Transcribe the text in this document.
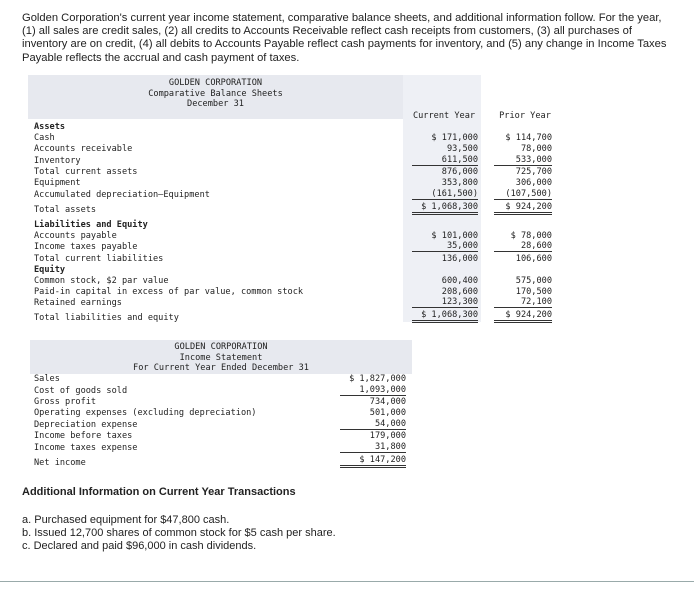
Golden Corporation's current year income statement, comparative balance sheets, and additional information follow. For the year, (1) all sales are credit sales, (2) all credits to Accounts Receivable reflect cash receipts from customers, (3) all purchases of inventory are on credit, (4) all debits to Accounts Payable reflect cash payments for inventory, and (5) any change in Income Taxes Payable reflects the accrual and cash payment of taxes.
GOLDEN CORPORATION
Comparative Balance Sheets
December 31
Current Year	Prior Year
Assets
Cash	$ 171,000	$ 114,700
Accounts receivable	93,500	78,000
Inventory	611,500	533,000
Total current assets	876,000	725,700
Equipment	353,800	306,000
Accumulated depreciation—Equipment	(161,500)	(107,500)
Total assets	$ 1,068,300	$ 924,200
Liabilities and Equity
Accounts payable	$ 101,000	$ 78,000
Income taxes payable	35,000	28,600
Total current liabilities	136,000	106,600
Equity
Common stock, $2 par value	600,400	575,000
Paid-in capital in excess of par value, common stock	208,600	170,500
Retained earnings	123,300	72,100
Total liabilities and equity	$ 1,068,300	$ 924,200
GOLDEN CORPORATION
Income Statement
For Current Year Ended December 31
Sales	$ 1,827,000
Cost of goods sold	1,093,000
Gross profit	734,000
Operating expenses (excluding depreciation)	501,000
Depreciation expense	54,000
Income before taxes	179,000
Income taxes expense	31,800
Net income	$ 147,200
Additional Information on Current Year Transactions
a. Purchased equipment for $47,800 cash.
b. Issued 12,700 shares of common stock for $5 cash per share.
c. Declared and paid $96,000 in cash dividends.
